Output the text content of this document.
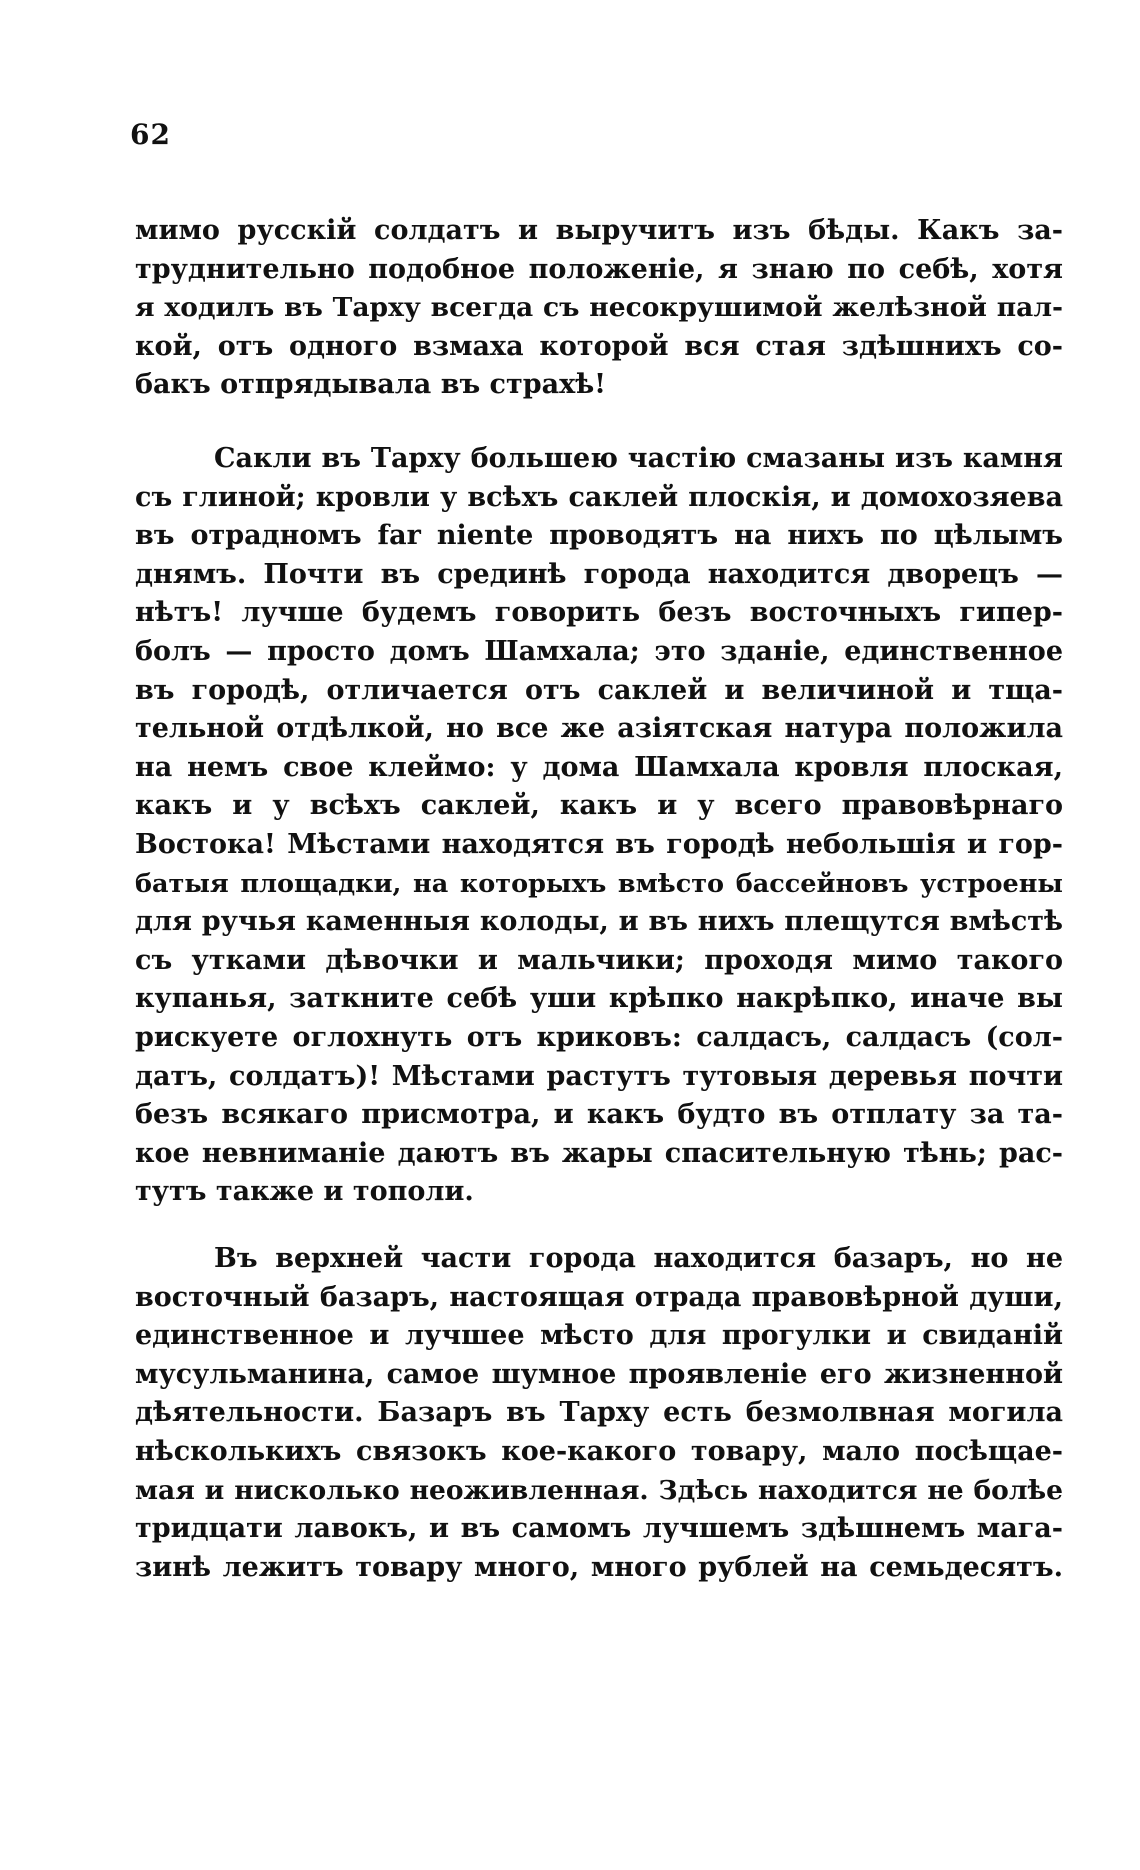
62
мимо русскій солдатъ и выручитъ изъ бѣды. Какъ за-
труднительно подобное положеніе, я знаю по себѣ, хотя
я ходилъ въ Тарху всегда съ несокрушимой желѣзной пал-
кой, отъ одного взмаха которой вся стая здѣшнихъ со-
бакъ отпрядывала въ страхѣ!
Сакли въ Тарху большею частію смазаны изъ камня
съ глиной; кровли у всѣхъ саклей плоскія, и домохозяева
въ отрадномъ far niente проводятъ на нихъ по цѣлымъ
днямъ. Почти въ срединѣ города находится дворецъ —
нѣтъ! лучше будемъ говорить безъ восточныхъ гипер-
болъ — просто домъ Шамхала; это зданіе, единственное
въ городѣ, отличается отъ саклей и величиной и тща-
тельной отдѣлкой, но все же азіятская натура положила
на немъ свое клеймо: у дома Шамхала кровля плоская,
какъ и у всѣхъ саклей, какъ и у всего правовѣрнаго
Востока! Мѣстами находятся въ городѣ небольшія и гор-
батыя площадки, на которыхъ вмѣсто бассейновъ устроены
для ручья каменныя колоды, и въ нихъ плещутся вмѣстѣ
съ утками дѣвочки и мальчики; проходя мимо такого
купанья, заткните себѣ уши крѣпко накрѣпко, иначе вы
рискуете оглохнуть отъ криковъ: салдасъ, салдасъ (сол-
датъ, солдатъ)! Мѣстами растутъ тутовыя деревья почти
безъ всякаго присмотра, и какъ будто въ отплату за та-
кое невниманіе даютъ въ жары спасительную тѣнь; рас-
тутъ также и тополи.
Въ верхней части города находится базаръ, но не
восточный базаръ, настоящая отрада правовѣрной души,
единственное и лучшее мѣсто для прогулки и свиданій
мусульманина, самое шумное проявленіе его жизненной
дѣятельности. Базаръ въ Тарху есть безмолвная могила
нѣсколькихъ связокъ кое-какого товару, мало посѣщае-
мая и нисколько неоживленная. Здѣсь находится не болѣе
тридцати лавокъ, и въ самомъ лучшемъ здѣшнемъ мага-
зинѣ лежитъ товару много, много рублей на семьдесятъ.
